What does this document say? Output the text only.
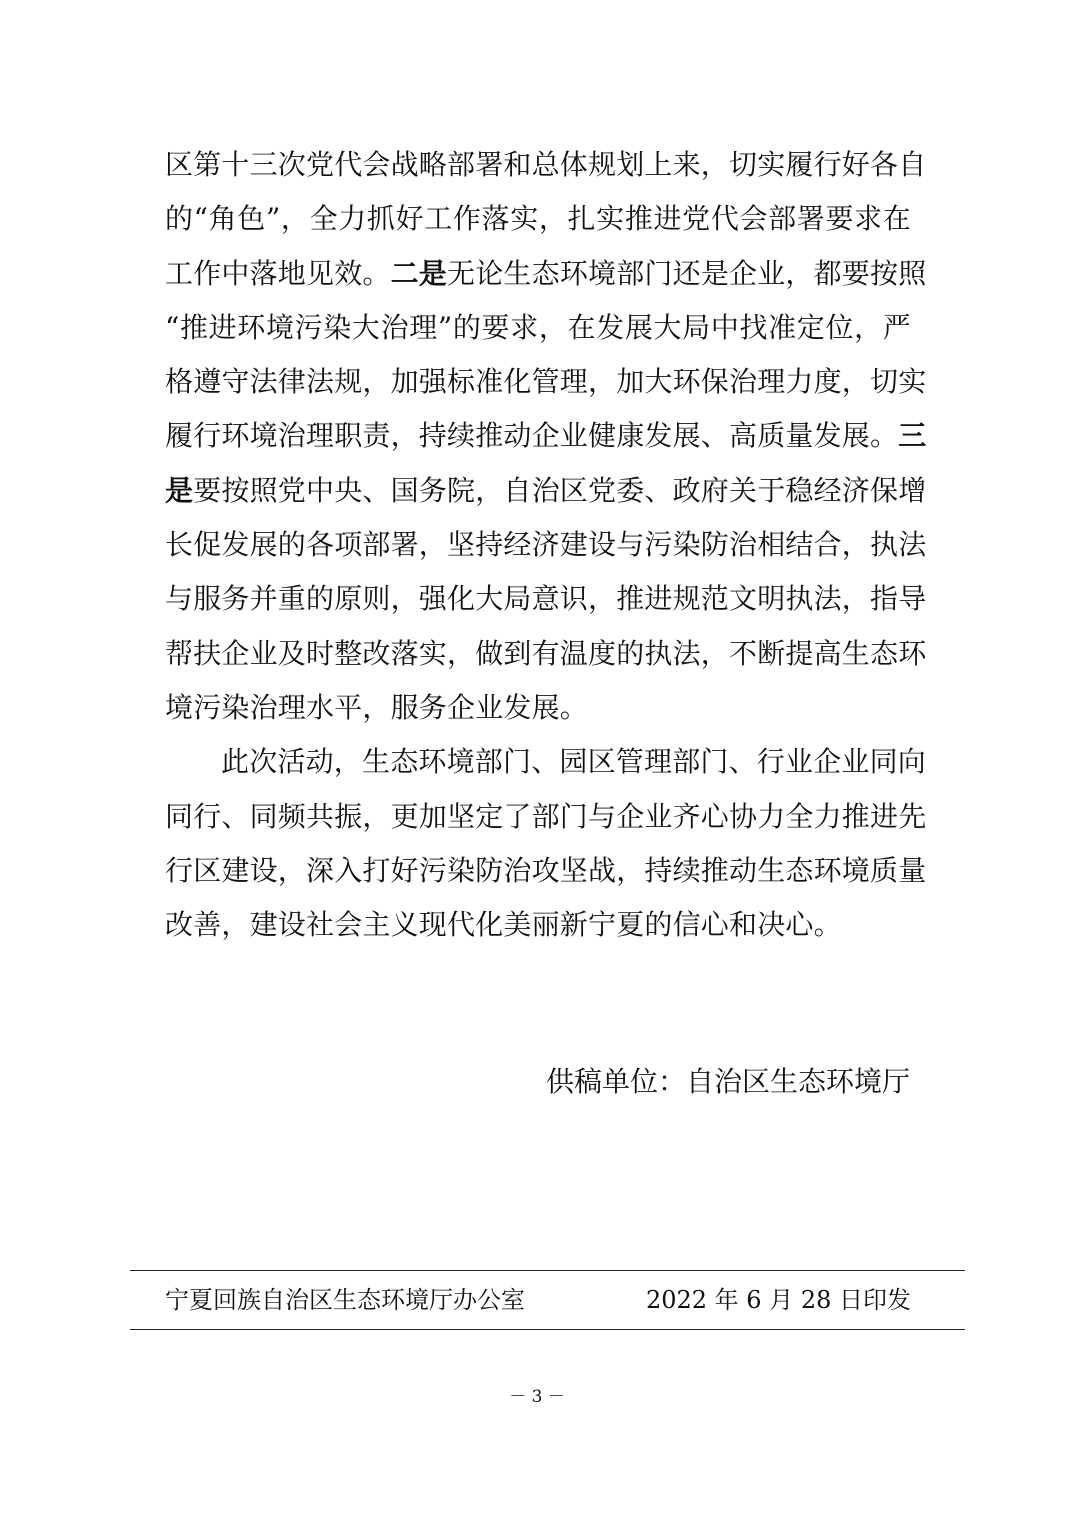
区第十三次党代会战略部署和总体规划上来，切实履行好各自
的“角色”，全力抓好工作落实，扎实推进党代会部署要求在
工作中落地见效。二是无论生态环境部门还是企业，都要按照
“推进环境污染大治理”的要求，在发展大局中找准定位，严
格遵守法律法规，加强标准化管理，加大环保治理力度，切实
履行环境治理职责，持续推动企业健康发展、高质量发展。三
是要按照党中央、国务院，自治区党委、政府关于稳经济保增
长促发展的各项部署，坚持经济建设与污染防治相结合，执法
与服务并重的原则，强化大局意识，推进规范文明执法，指导
帮扶企业及时整改落实，做到有温度的执法，不断提高生态环
境污染治理水平，服务企业发展。
此次活动，生态环境部门、园区管理部门、行业企业同向
同行、同频共振，更加坚定了部门与企业齐心协力全力推进先
行区建设，深入打好污染防治攻坚战，持续推动生态环境质量
改善，建设社会主义现代化美丽新宁夏的信心和决心。
供稿单位：自治区生态环境厅
宁夏回族自治区生态环境厅办公室	2022 年 6 月 28 日印发
－ 3 －
